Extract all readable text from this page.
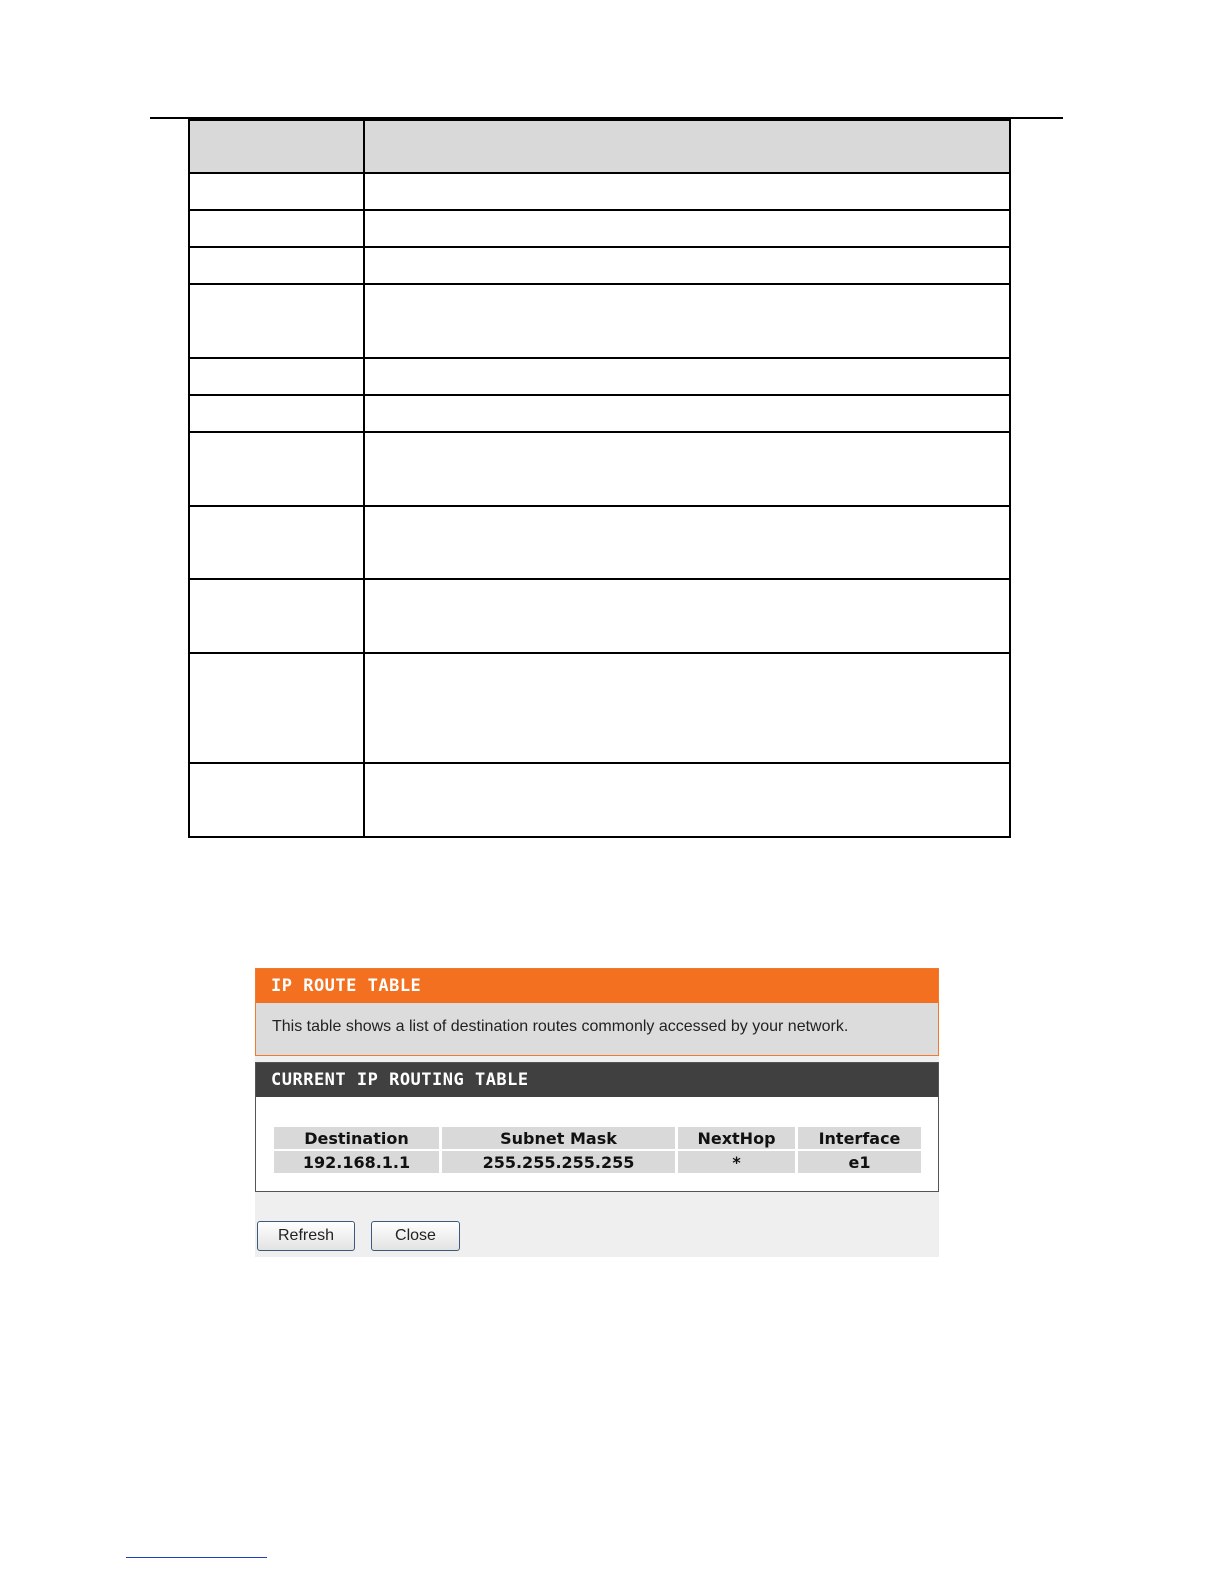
IP ROUTE TABLE
This table shows a list of destination routes commonly accessed by your network.
CURRENT IP ROUTING TABLE
Destination	Subnet Mask	NextHop	Interface
192.168.1.1	255.255.255.255	*	e1
Refresh	Close
